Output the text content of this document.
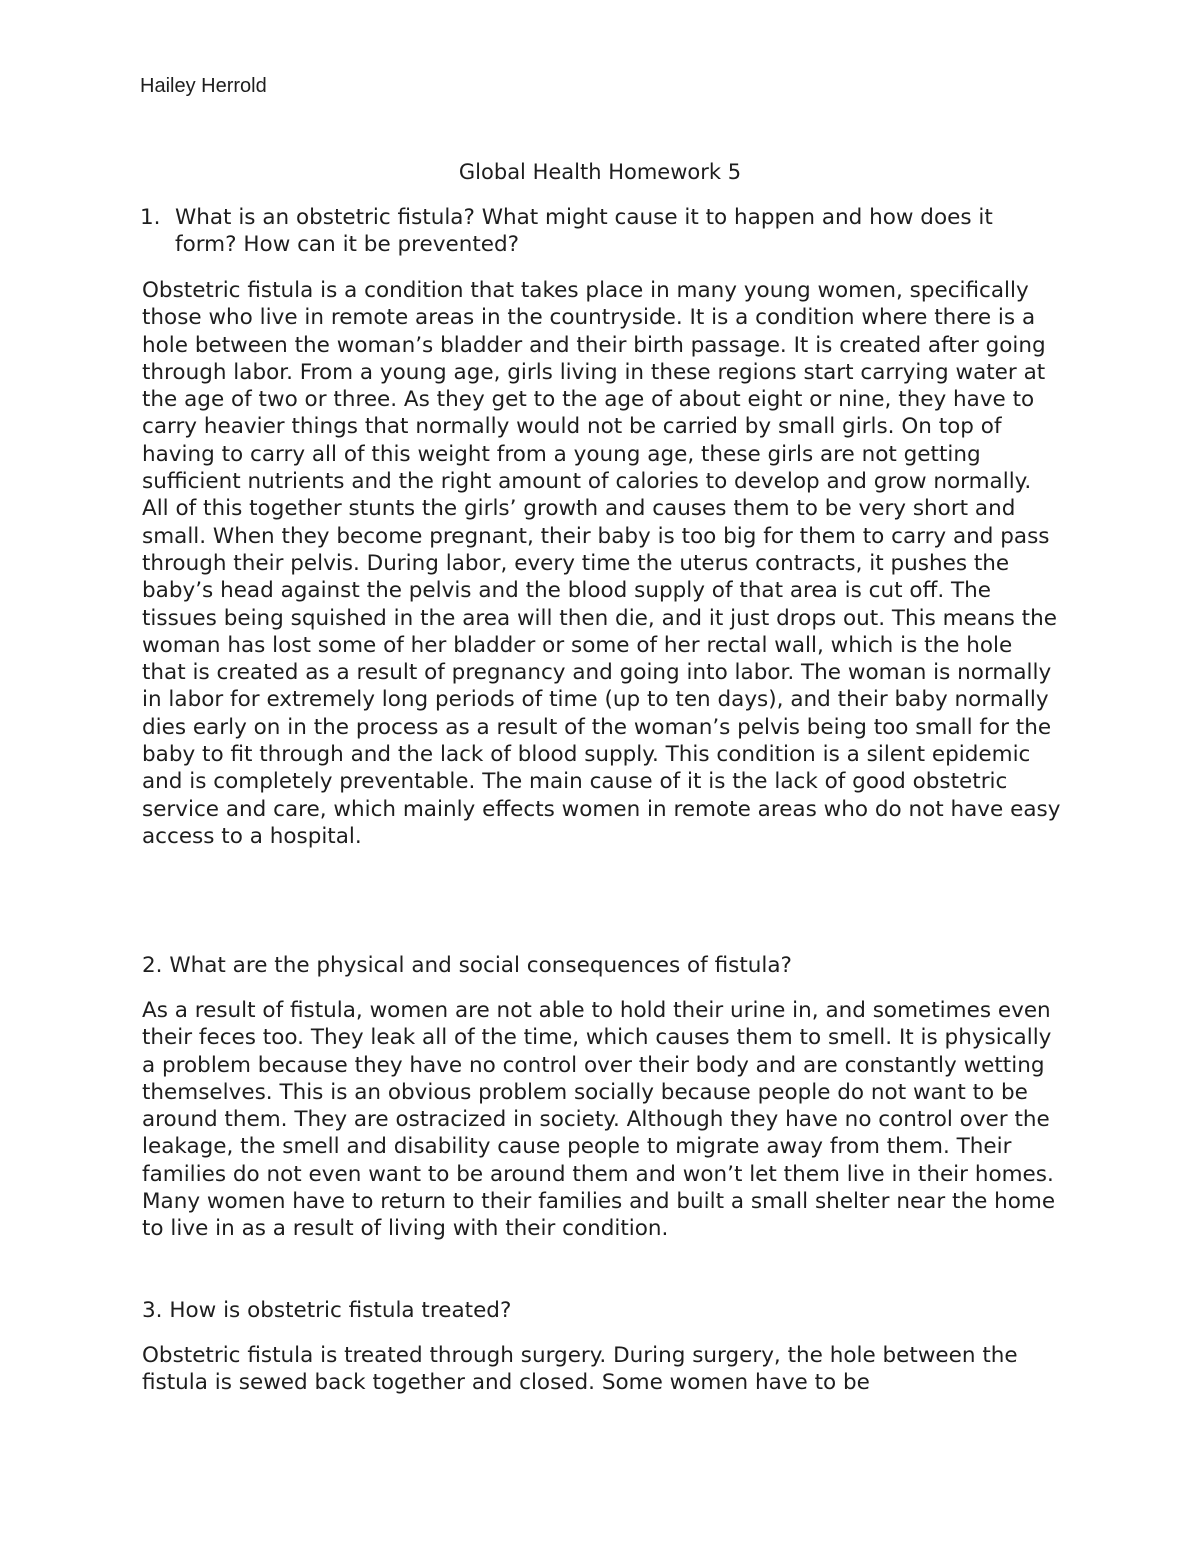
Hailey Herrold

Global Health Homework 5
1. What is an obstetric fistula? What might cause it to happen and how does it form? How can it be prevented?

Obstetric fistula is a condition that takes place in many young women, specifically those who live in remote areas in the countryside. It is a condition where there is a hole between the woman’s bladder and their birth passage. It is created after going through labor. From a young age, girls living in these regions start carrying water at the age of two or three. As they get to the age of about eight or nine, they have to carry heavier things that normally would not be carried by small girls. On top of having to carry all of this weight from a young age, these girls are not getting sufficient nutrients and the right amount of calories to develop and grow normally. All of this together stunts the girls’ growth and causes them to be very short and small. When they become pregnant, their baby is too big for them to carry and pass through their pelvis. During labor, every time the uterus contracts, it pushes the baby’s head against the pelvis and the blood supply of that area is cut off. The tissues being squished in the area will then die, and it just drops out. This means the woman has lost some of her bladder or some of her rectal wall, which is the hole that is created as a result of pregnancy and going into labor. The woman is normally in labor for extremely long periods of time (up to ten days), and their baby normally dies early on in the process as a result of the woman’s pelvis being too small for the baby to fit through and the lack of blood supply. This condition is a silent epidemic and is completely preventable. The main cause of it is the lack of good obstetric service and care, which mainly effects women in remote areas who do not have easy access to a hospital.

2. What are the physical and social consequences of fistula?

As a result of fistula, women are not able to hold their urine in, and sometimes even their feces too. They leak all of the time, which causes them to smell. It is physically a problem because they have no control over their body and are constantly wetting themselves. This is an obvious problem socially because people do not want to be around them. They are ostracized in society. Although they have no control over the leakage, the smell and disability cause people to migrate away from them. Their families do not even want to be around them and won’t let them live in their homes. Many women have to return to their families and built a small shelter near the home to live in as a result of living with their condition.

3. How is obstetric fistula treated?

Obstetric fistula is treated through surgery. During surgery, the hole between the fistula is sewed back together and closed. Some women have to be
